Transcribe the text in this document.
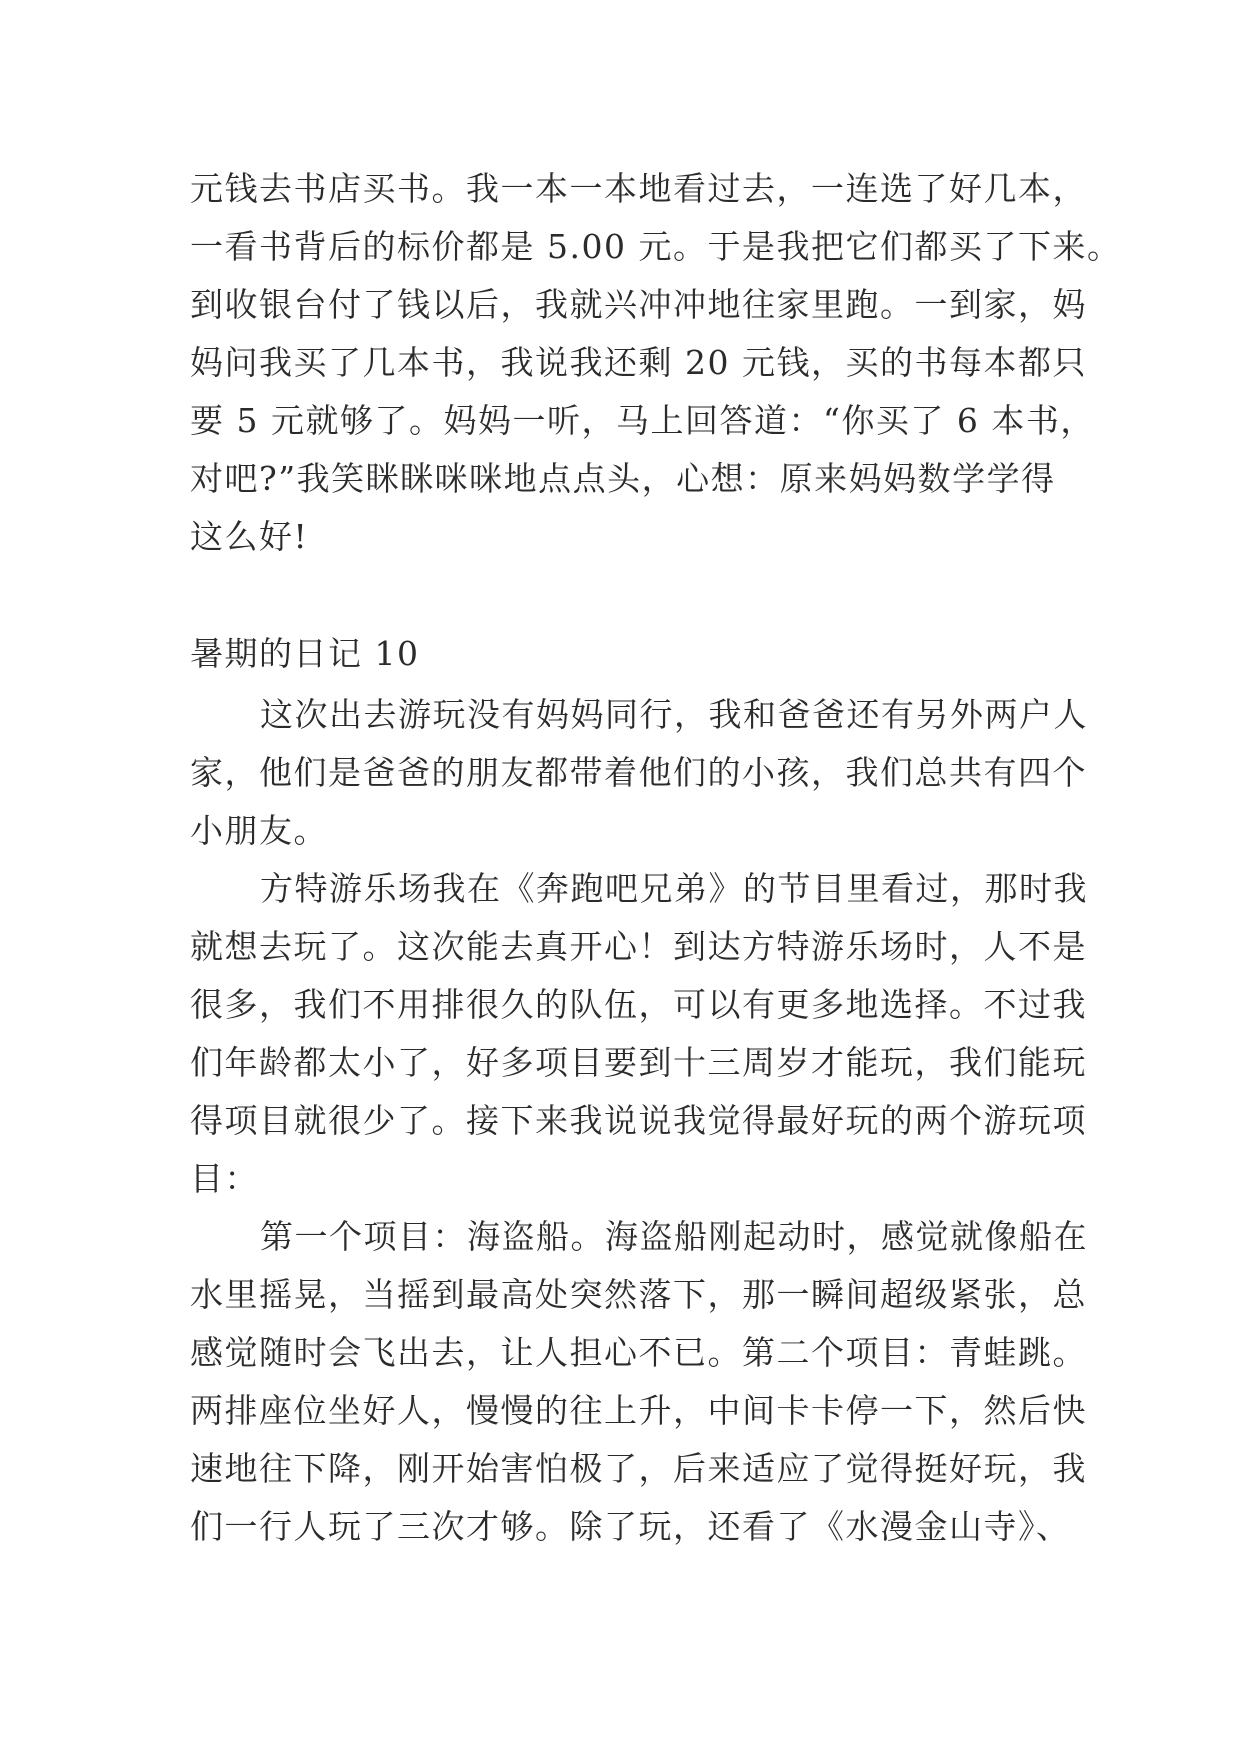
元钱去书店买书。我一本一本地看过去，一连选了好几本，
一看书背后的标价都是 5.00 元。于是我把它们都买了下来。
到收银台付了钱以后，我就兴冲冲地往家里跑。一到家，妈
妈问我买了几本书，我说我还剩 20 元钱，买的书每本都只
要 5 元就够了。妈妈一听，马上回答道：“你买了 6 本书，
对吧?”我笑眯眯咪咪地点点头，心想：原来妈妈数学学得
这么好!
暑期的日记 10
这次出去游玩没有妈妈同行，我和爸爸还有另外两户人
家，他们是爸爸的朋友都带着他们的小孩，我们总共有四个
小朋友。
方特游乐场我在《奔跑吧兄弟》的节目里看过，那时我
就想去玩了。这次能去真开心！到达方特游乐场时，人不是
很多，我们不用排很久的队伍，可以有更多地选择。不过我
们年龄都太小了，好多项目要到十三周岁才能玩，我们能玩
得项目就很少了。接下来我说说我觉得最好玩的两个游玩项
目：
第一个项目：海盗船。海盗船刚起动时，感觉就像船在
水里摇晃，当摇到最高处突然落下，那一瞬间超级紧张，总
感觉随时会飞出去，让人担心不已。第二个项目：青蛙跳。
两排座位坐好人，慢慢的往上升，中间卡卡停一下，然后快
速地往下降，刚开始害怕极了，后来适应了觉得挺好玩，我
们一行人玩了三次才够。除了玩，还看了《水漫金山寺》、
